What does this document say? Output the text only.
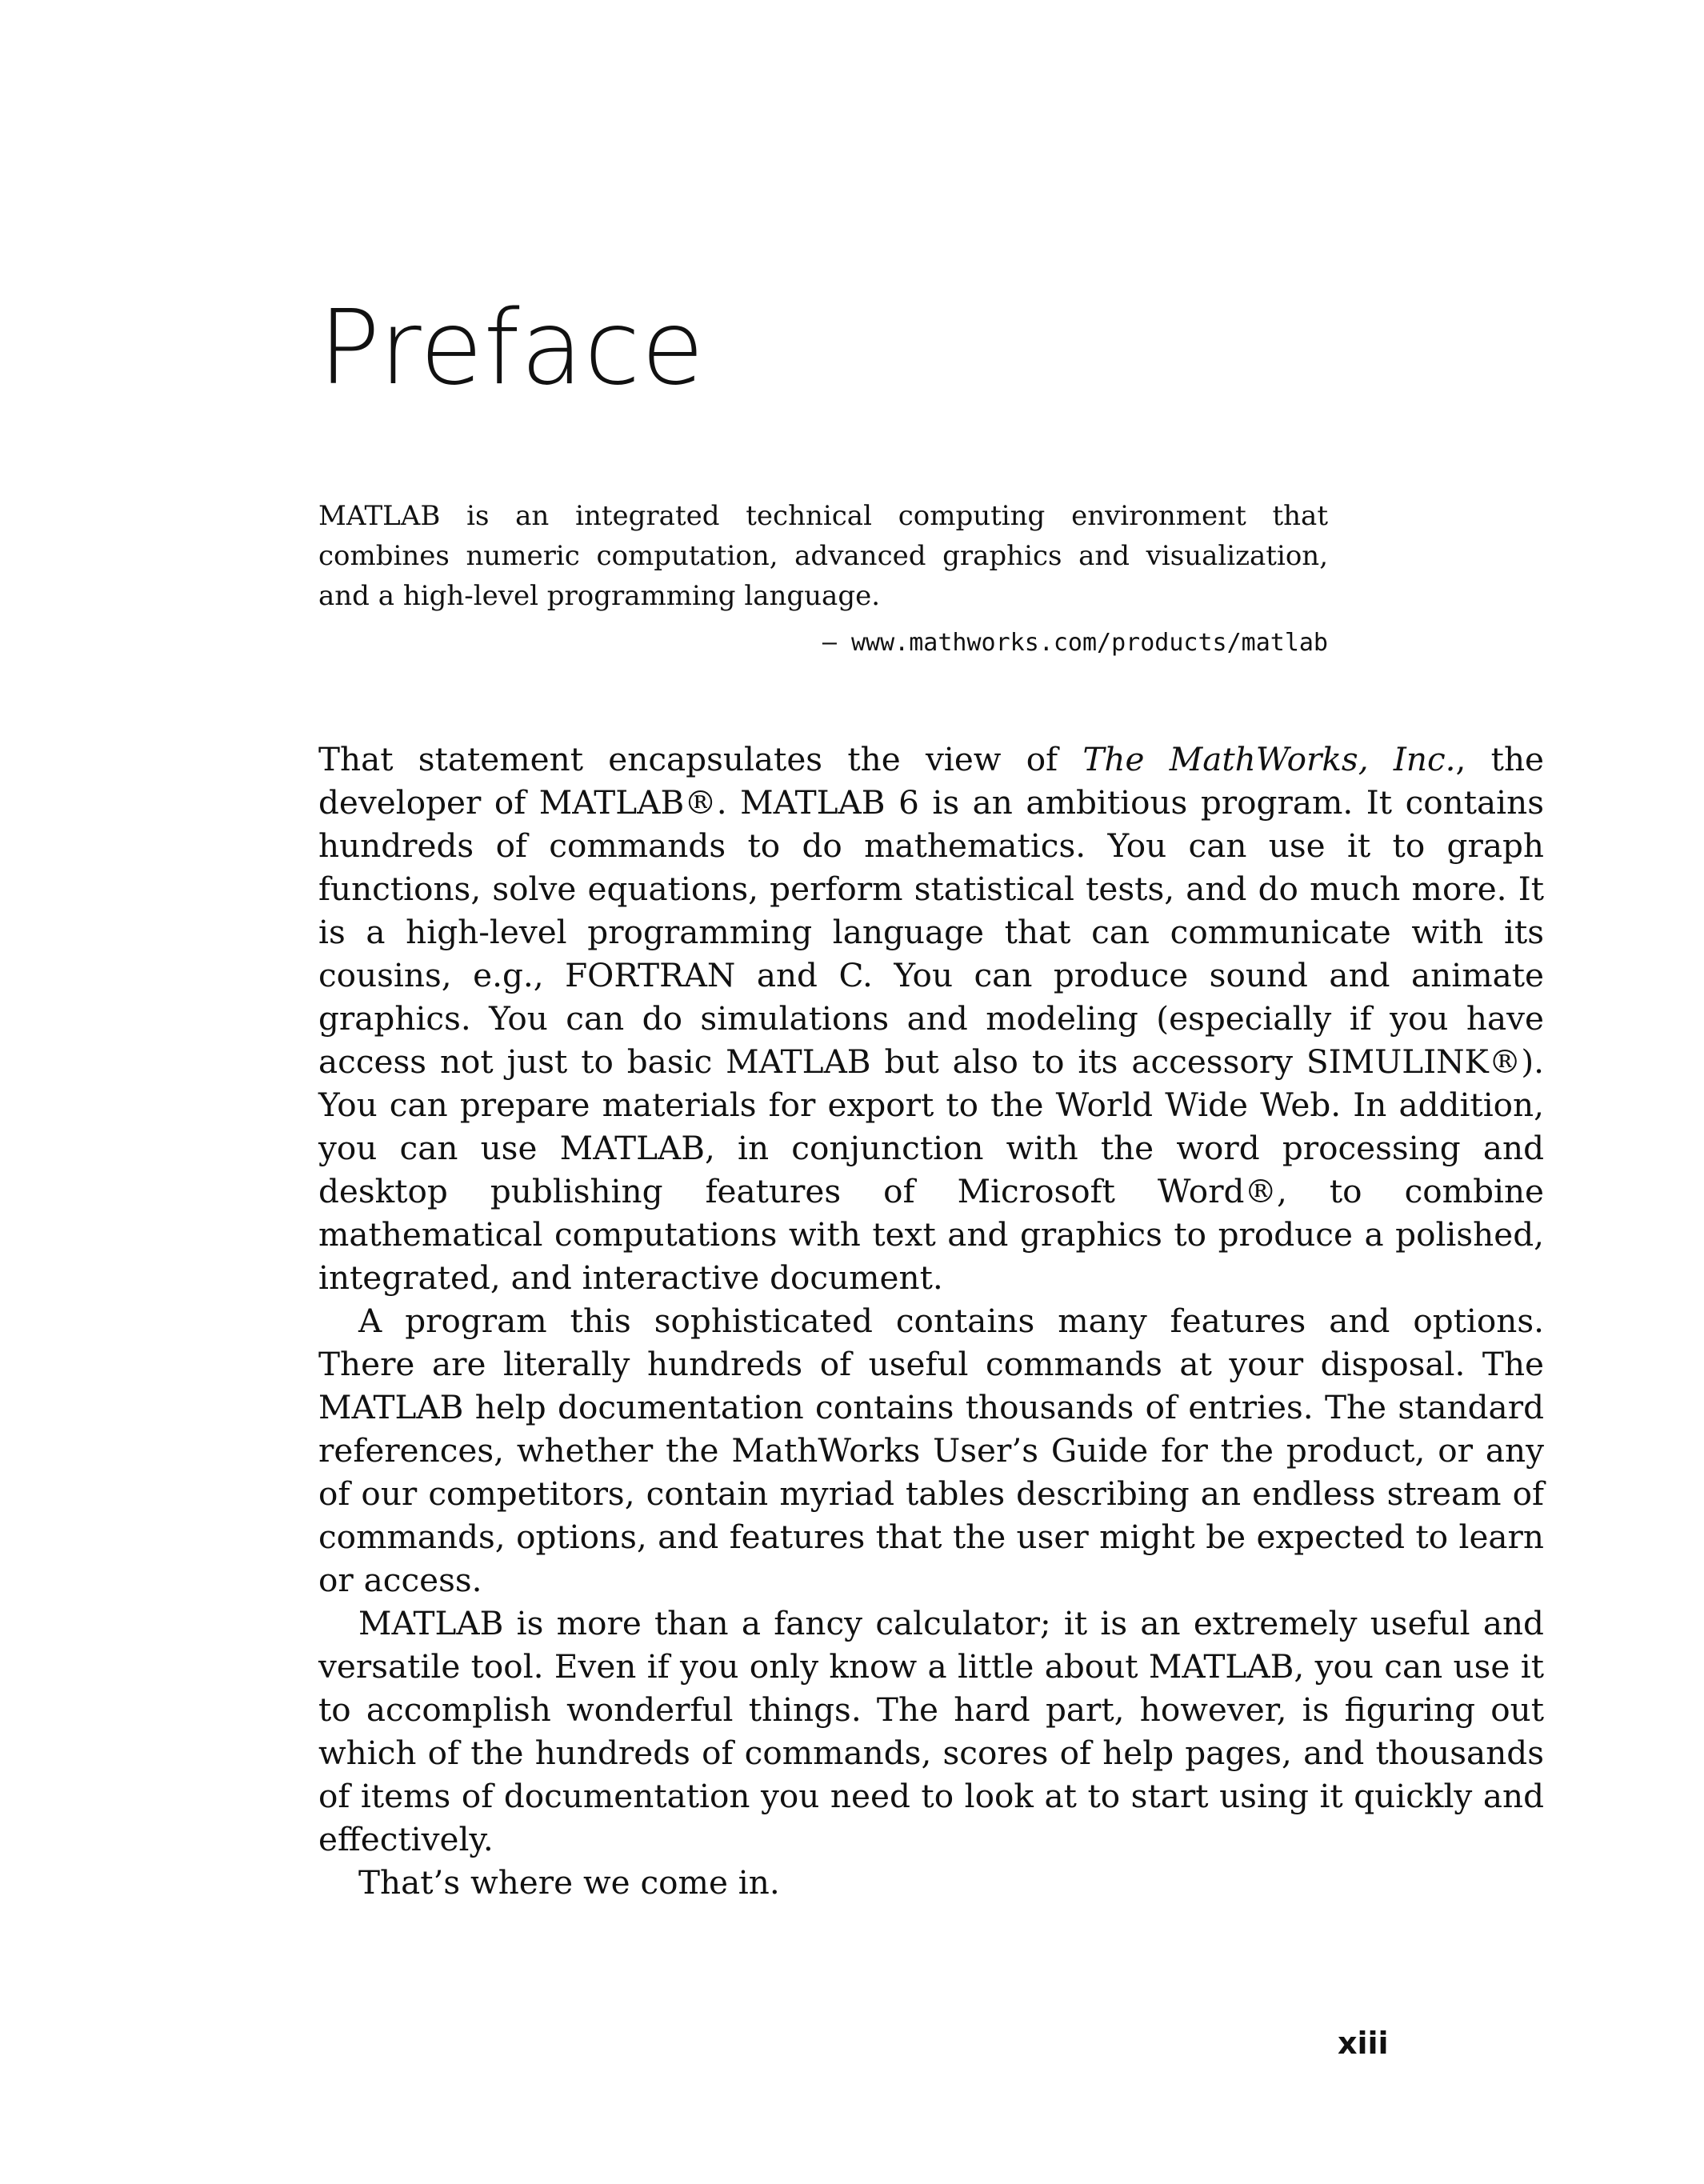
Preface

MATLAB is an integrated technical computing environment that combines numeric computation, advanced graphics and visualization, and a high-level programming language.

– www.mathworks.com/products/matlab

That statement encapsulates the view of The MathWorks, Inc., the developer of MATLAB®. MATLAB 6 is an ambitious program. It contains hundreds of commands to do mathematics. You can use it to graph functions, solve equations, perform statistical tests, and do much more. It is a high-level programming language that can communicate with its cousins, e.g., FORTRAN and C. You can produce sound and animate graphics. You can do simulations and modeling (especially if you have access not just to basic MATLAB but also to its accessory SIMULINK®). You can prepare materials for export to the World Wide Web. In addition, you can use MATLAB, in conjunction with the word processing and desktop publishing features of Microsoft Word®, to combine mathematical computations with text and graphics to produce a polished, integrated, and interactive document.

A program this sophisticated contains many features and options. There are literally hundreds of useful commands at your disposal. The MATLAB help documentation contains thousands of entries. The standard references, whether the MathWorks User’s Guide for the product, or any of our competitors, contain myriad tables describing an endless stream of commands, options, and features that the user might be expected to learn or access.

MATLAB is more than a fancy calculator; it is an extremely useful and versatile tool. Even if you only know a little about MATLAB, you can use it to accomplish wonderful things. The hard part, however, is figuring out which of the hundreds of commands, scores of help pages, and thousands of items of documentation you need to look at to start using it quickly and effectively.

That’s where we come in.

xiii
